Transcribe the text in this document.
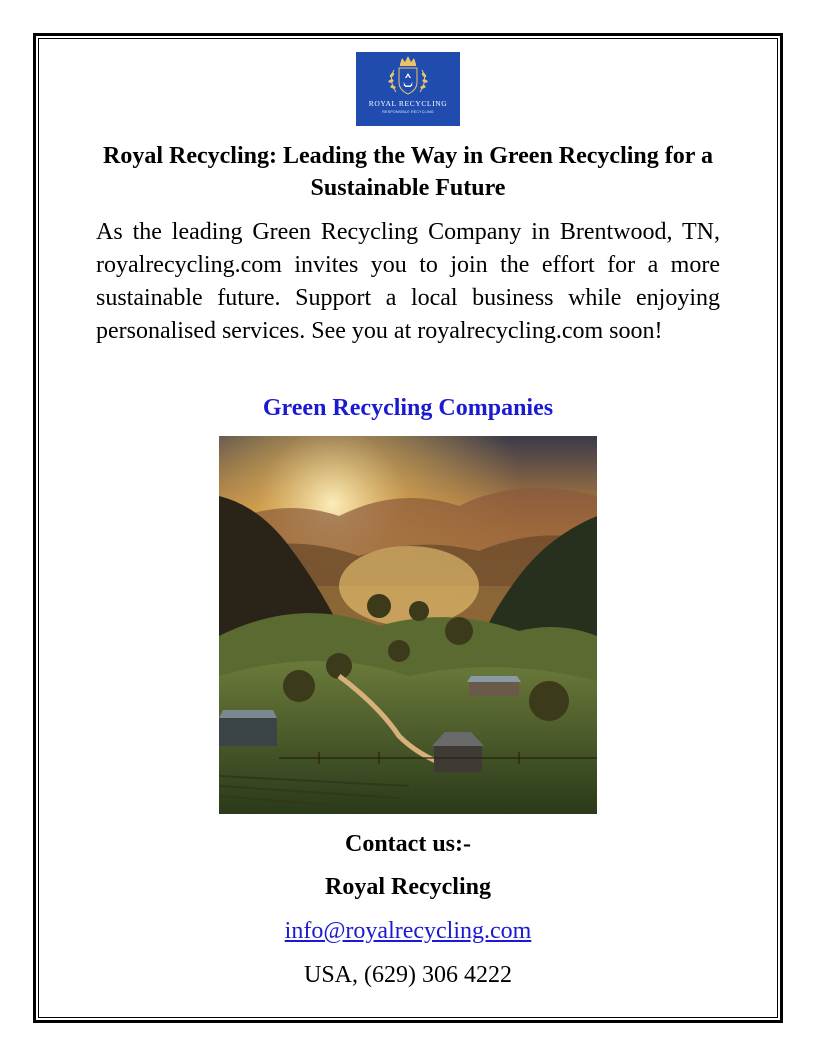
ROYAL RECYCLING
RESPONSIBLE RECYCLING
Royal Recycling: Leading the Way in Green Recycling for a Sustainable Future

As the leading Green Recycling Company in Brentwood, TN, royalrecycling.com invites you to join the effort for a more sustainable future. Support a local business while enjoying personalised services. See you at royalrecycling.com soon!

Green Recycling Companies

Contact us:-

Royal Recycling

info@royalrecycling.com

USA, (629) 306 4222
